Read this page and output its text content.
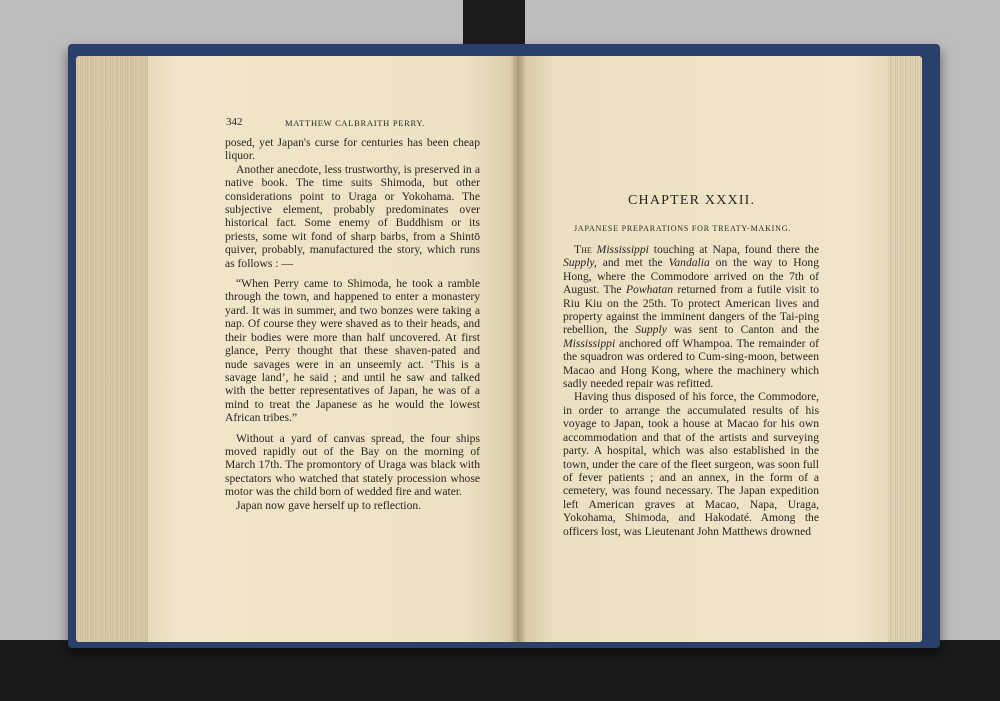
342	MATTHEW CALBRAITH PERRY.

posed, yet Japan's curse for centuries has been cheap liquor.

Another anecdote, less trustworthy, is preserved in a native book. The time suits Shimoda, but other considerations point to Uraga or Yokohama. The subjective element, probably predominates over historical fact. Some enemy of Buddhism or its priests, some wit fond of sharp barbs, from a Shintō quiver, probably, manufactured the story, which runs as follows : —

“When Perry came to Shimoda, he took a ramble through the town, and happened to enter a monastery yard. It was in summer, and two bonzes were taking a nap. Of course they were shaved as to their heads, and their bodies were more than half uncovered. At first glance, Perry thought that these shaven-pated and nude savages were in an unseemly act. ‘This is a savage land’, he said ; and until he saw and talked with the better representatives of Japan, he was of a mind to treat the Japanese as he would the lowest African tribes.”

Without a yard of canvas spread, the four ships moved rapidly out of the Bay on the morning of March 17th. The promontory of Uraga was black with spectators who watched that stately procession whose motor was the child born of wedded fire and water.

Japan now gave herself up to reflection.

CHAPTER XXXII.
JAPANESE PREPARATIONS FOR TREATY-MAKING.

The Mississippi touching at Napa, found there the Supply, and met the Vandalia on the way to Hong Hong, where the Commodore arrived on the 7th of August. The Powhatan returned from a futile visit to Riu Kiu on the 25th. To protect American lives and property against the imminent dangers of the Tai-ping rebellion, the Supply was sent to Canton and the Mississippi anchored off Whampoa. The remainder of the squadron was ordered to Cum-sing-moon, between Macao and Hong Kong, where the machinery which sadly needed repair was refitted.

Having thus disposed of his force, the Commodore, in order to arrange the accumulated results of his voyage to Japan, took a house at Macao for his own accommodation and that of the artists and surveying party. A hospital, which was also established in the town, under the care of the fleet surgeon, was soon full of fever patients ; and an annex, in the form of a cemetery, was found necessary. The Japan expedition left American graves at Macao, Napa, Uraga, Yokohama, Shimoda, and Hakodaté. Among the officers lost, was Lieutenant John Matthews drowned
